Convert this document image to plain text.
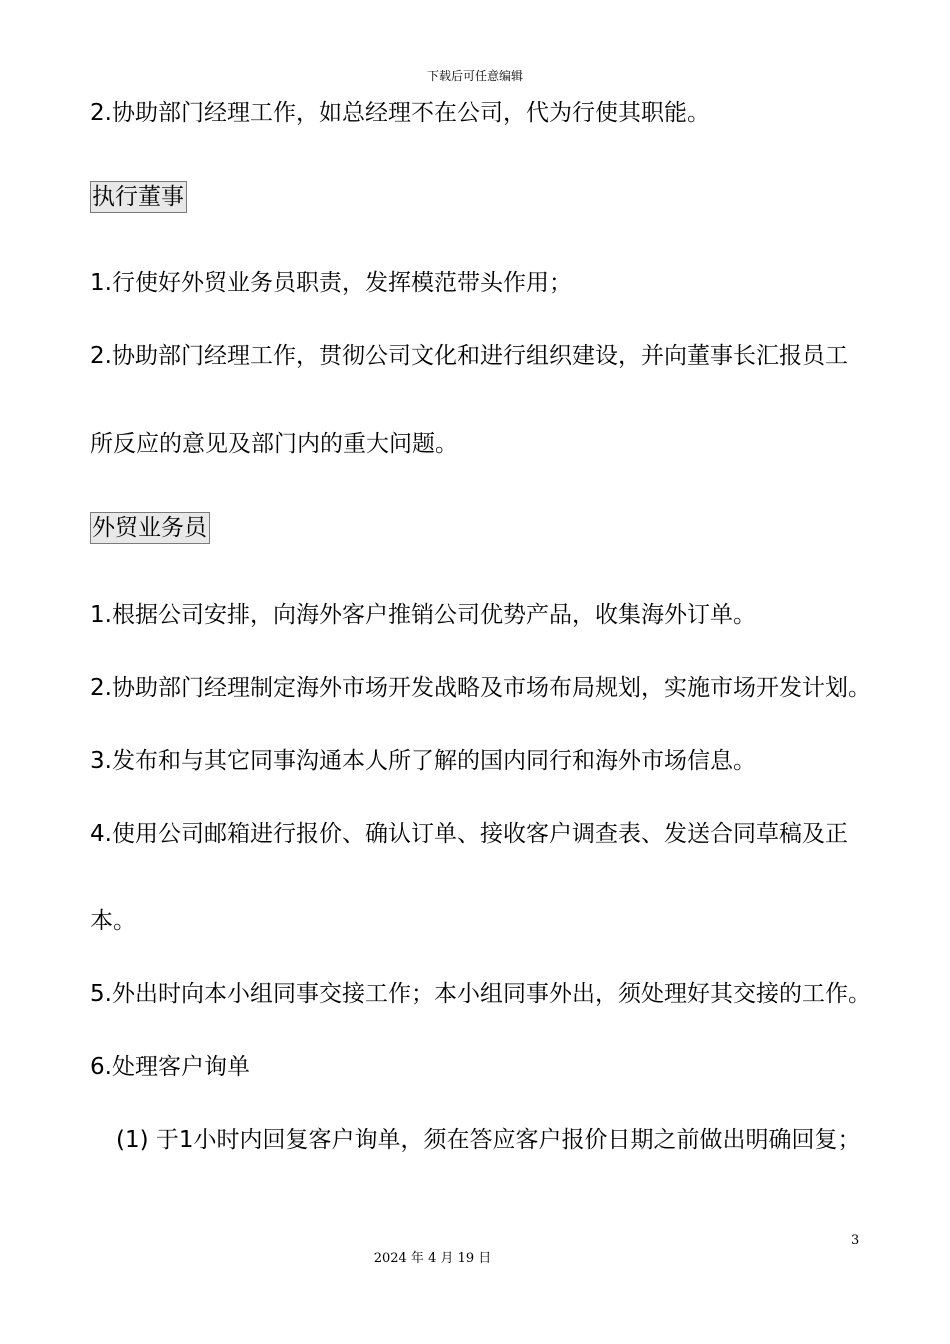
下载后可任意编辑
2.协助部门经理工作，如总经理不在公司，代为行使其职能。
执行董事
1.行使好外贸业务员职责，发挥模范带头作用；
2.协助部门经理工作，贯彻公司文化和进行组织建设，并向董事长汇报员工
所反应的意见及部门内的重大问题。
外贸业务员
1.根据公司安排，向海外客户推销公司优势产品，收集海外订单。
2.协助部门经理制定海外市场开发战略及市场布局规划，实施市场开发计划。
3.发布和与其它同事沟通本人所了解的国内同行和海外市场信息。
4.使用公司邮箱进行报价、确认订单、接收客户调查表、发送合同草稿及正
本。
5.外出时向本小组同事交接工作；本小组同事外出，须处理好其交接的工作。
6.处理客户询单
(1) 于1小时内回复客户询单，须在答应客户报价日期之前做出明确回复；
3
2024 年 4 月 19 日
